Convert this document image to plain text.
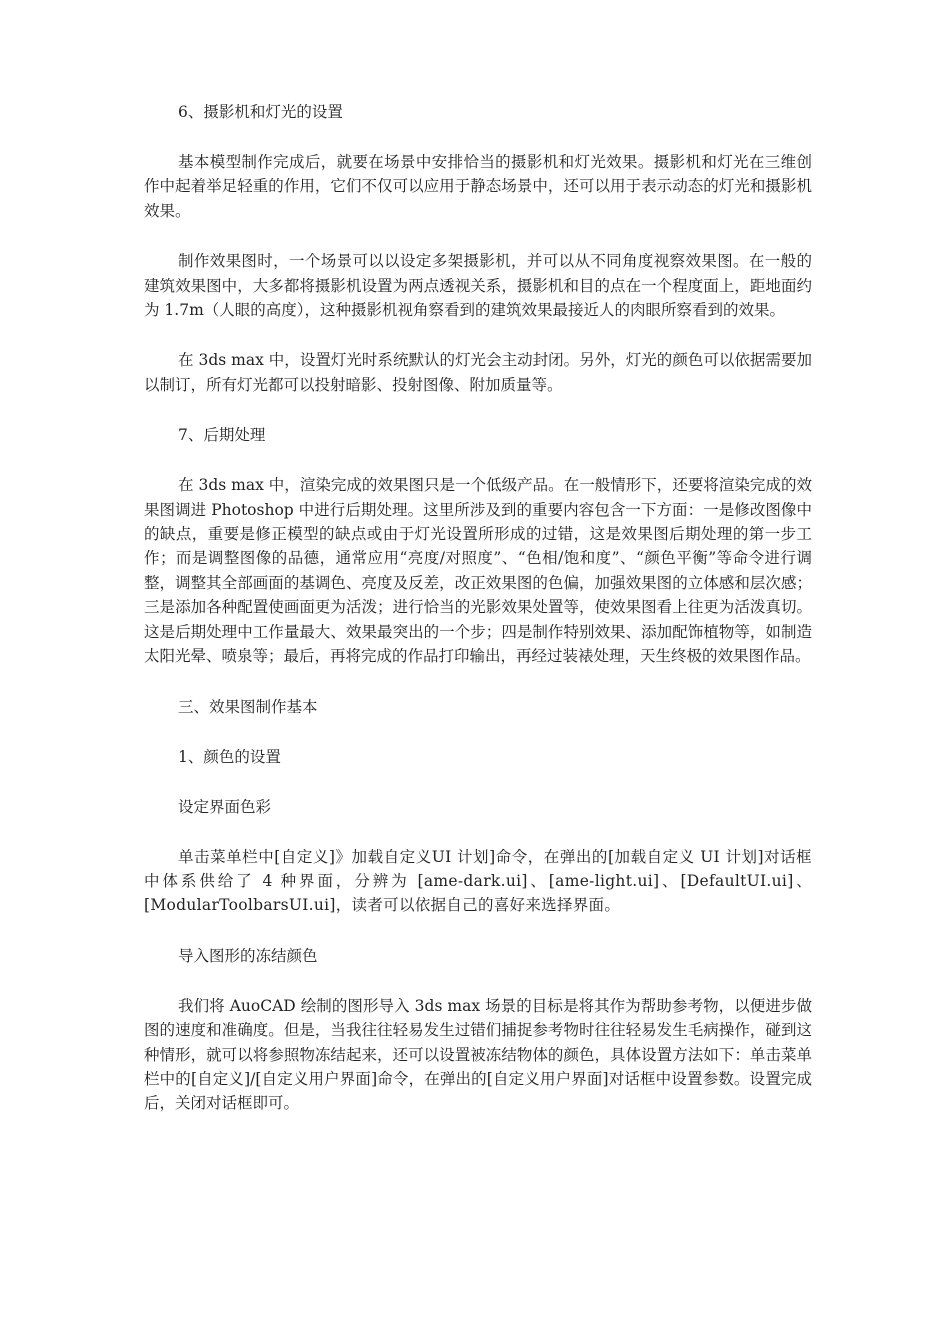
6、摄影机和灯光的设置

基本模型制作完成后，就要在场景中安排恰当的摄影机和灯光效果。摄影机和灯光在三维创作中起着举足轻重的作用，它们不仅可以应用于静态场景中，还可以用于表示动态的灯光和摄影机效果。

制作效果图时，一个场景可以以设定多架摄影机，并可以从不同角度视察效果图。在一般的建筑效果图中，大多都将摄影机设置为两点透视关系，摄影机和目的点在一个程度面上，距地面约为 1.7m（人眼的高度），这种摄影机视角察看到的建筑效果最接近人的肉眼所察看到的效果。

在 3ds max 中，设置灯光时系统默认的灯光会主动封闭。另外，灯光的颜色可以依据需要加以制订，所有灯光都可以投射暗影、投射图像、附加质量等。

7、后期处理

在 3ds max 中，渲染完成的效果图只是一个低级产品。在一般情形下，还要将渲染完成的效果图调进 Photoshop 中进行后期处理。这里所涉及到的重要内容包含一下方面：一是修改图像中的缺点，重要是修正模型的缺点或由于灯光设置所形成的过错，这是效果图后期处理的第一步工作；而是调整图像的品德，通常应用“亮度/对照度”、“色相/饱和度”、“颜色平衡”等命令进行调整，调整其全部画面的基调色、亮度及反差，改正效果图的色偏，加强效果图的立体感和层次感；三是添加各种配置使画面更为活泼；进行恰当的光影效果处置等，使效果图看上往更为活泼真切。这是后期处理中工作量最大、效果最突出的一个步；四是制作特别效果、添加配饰植物等，如制造太阳光晕、喷泉等；最后，再将完成的作品打印输出，再经过装裱处理，天生终极的效果图作品。

三、效果图制作基本
1、颜色的设置
设定界面色彩

单击菜单栏中[自定义]》加载自定义UI 计划]命令，在弹出的[加载自定义 UI 计划]对话框中体系供给了 4 种界面，分辨为 [ame-dark.ui]、[ame-light.ui]、[DefaultUI.ui]、[ModularToolbarsUI.ui]，读者可以依据自己的喜好来选择界面。

导入图形的冻结颜色

我们将 AuoCAD 绘制的图形导入 3ds max 场景的目标是将其作为帮助参考物，以便进步做图的速度和准确度。但是，当我往往轻易发生过错们捕捉参考物时往往轻易发生毛病操作，碰到这种情形，就可以将参照物冻结起来，还可以设置被冻结物体的颜色，具体设置方法如下：单击菜单栏中的[自定义]/[自定义用户界面]命令，在弹出的[自定义用户界面]对话框中设置参数。设置完成后，关闭对话框即可。
